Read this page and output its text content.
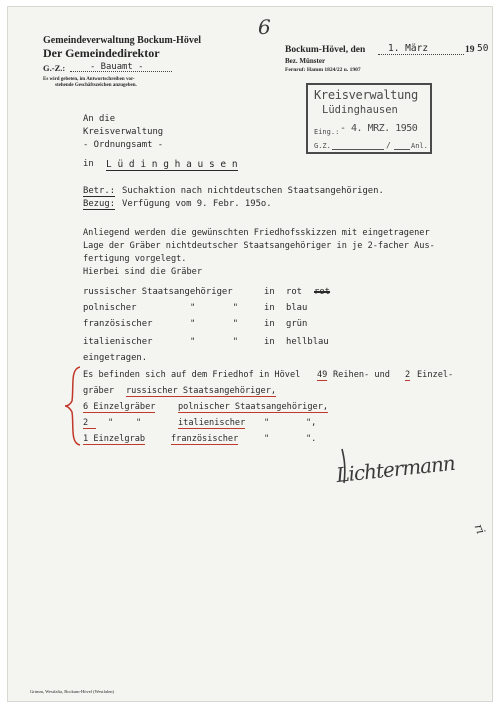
6
Gemeindeverwaltung Bockum-Hövel
Der Gemeindedirektor
G.-Z.:	- Bauamt -
Es wird gebeten, im Antwortschreiben vor-
stehende Geschäftszeichen anzugeben.
Bockum-Hövel, den 1. März	19 50
Bez. Münster
Fernruf: Hamm 1824/22 u. 1907
Kreisverwaltung
Lüdinghausen
Eing.: - 4. MRZ. 1950
G.Z.	/	Anl.
An die
Kreisverwaltung
- Ordnungsamt -
in L ü d i n g h a u s e n
Betr.: Suchaktion nach nichtdeutschen Staatsangehörigen.
Bezug: Verfügung vom 9. Febr. 195o.
Anliegend werden die gewünschten Friedhofsskizzen mit eingetragener
Lage der Gräber nichtdeutscher Staatsangehöriger in je 2-facher Aus-
fertigung vorgelegt.
Hierbei sind die Gräber
russischer Staatsangehöriger	in rot rot
polnischer	"       "	in blau
französischer	"       "	in grün
italienischer	"       "	in hellblau
eingetragen.
Es befinden sich auf dem Friedhof in Hövel 49 Reihen- und 2 Einzel-
gräber russischer Staatsangehöriger,
6 Einzelgräber	polnischer Staatsangehöriger,
2	"	"	italienischer "	",
1 Einzelgrab	französischer	"	".
Lichtermann
ri
Grimm, Westfalia, Bockum-Hövel (Westfalen)
